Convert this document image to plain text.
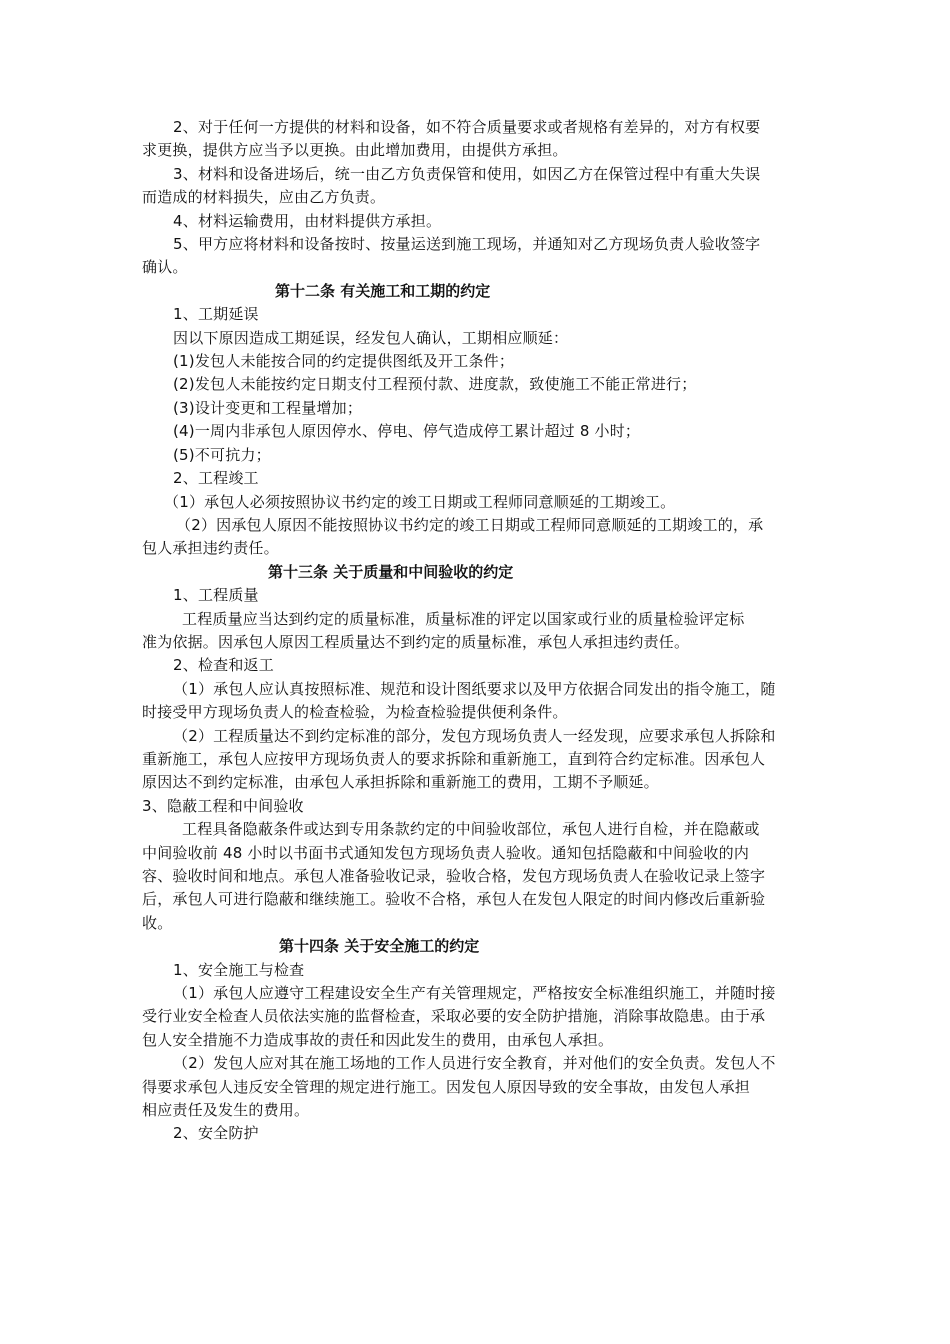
2、对于任何一方提供的材料和设备，如不符合质量要求或者规格有差异的，对方有权要
求更换，提供方应当予以更换。由此增加费用，由提供方承担。
3、材料和设备进场后，统一由乙方负责保管和使用，如因乙方在保管过程中有重大失误
而造成的材料损失，应由乙方负责。
4、材料运输费用，由材料提供方承担。
5、甲方应将材料和设备按时、按量运送到施工现场，并通知对乙方现场负责人验收签字
确认。
第十二条 有关施工和工期的约定
1、工期延误
因以下原因造成工期延误，经发包人确认，工期相应顺延：
(1)发包人未能按合同的约定提供图纸及开工条件；
(2)发包人未能按约定日期支付工程预付款、进度款，致使施工不能正常进行；
(3)设计变更和工程量增加；
(4)一周内非承包人原因停水、停电、停气造成停工累计超过 8 小时；
(5)不可抗力；
2、工程竣工
（1）承包人必须按照协议书约定的竣工日期或工程师同意顺延的工期竣工。
（2）因承包人原因不能按照协议书约定的竣工日期或工程师同意顺延的工期竣工的，承
包人承担违约责任。
第十三条 关于质量和中间验收的约定
1、工程质量
工程质量应当达到约定的质量标准，质量标准的评定以国家或行业的质量检验评定标
准为依据。因承包人原因工程质量达不到约定的质量标准，承包人承担违约责任。
2、检查和返工
（1）承包人应认真按照标准、规范和设计图纸要求以及甲方依据合同发出的指令施工，随
时接受甲方现场负责人的检查检验，为检查检验提供便利条件。
（2）工程质量达不到约定标准的部分，发包方现场负责人一经发现，应要求承包人拆除和
重新施工，承包人应按甲方现场负责人的要求拆除和重新施工，直到符合约定标准。因承包人
原因达不到约定标准，由承包人承担拆除和重新施工的费用，工期不予顺延。
3、隐蔽工程和中间验收
工程具备隐蔽条件或达到专用条款约定的中间验收部位，承包人进行自检，并在隐蔽或
中间验收前 48 小时以书面书式通知发包方现场负责人验收。通知包括隐蔽和中间验收的内
容、验收时间和地点。承包人准备验收记录，验收合格，发包方现场负责人在验收记录上签字
后，承包人可进行隐蔽和继续施工。验收不合格，承包人在发包人限定的时间内修改后重新验
收。
第十四条 关于安全施工的约定
1、安全施工与检查
（1）承包人应遵守工程建设安全生产有关管理规定，严格按安全标准组织施工，并随时接
受行业安全检查人员依法实施的监督检查，采取必要的安全防护措施，消除事故隐患。由于承
包人安全措施不力造成事故的责任和因此发生的费用，由承包人承担。
（2）发包人应对其在施工场地的工作人员进行安全教育，并对他们的安全负责。发包人不
得要求承包人违反安全管理的规定进行施工。因发包人原因导致的安全事故，由发包人承担
相应责任及发生的费用。
2、安全防护
